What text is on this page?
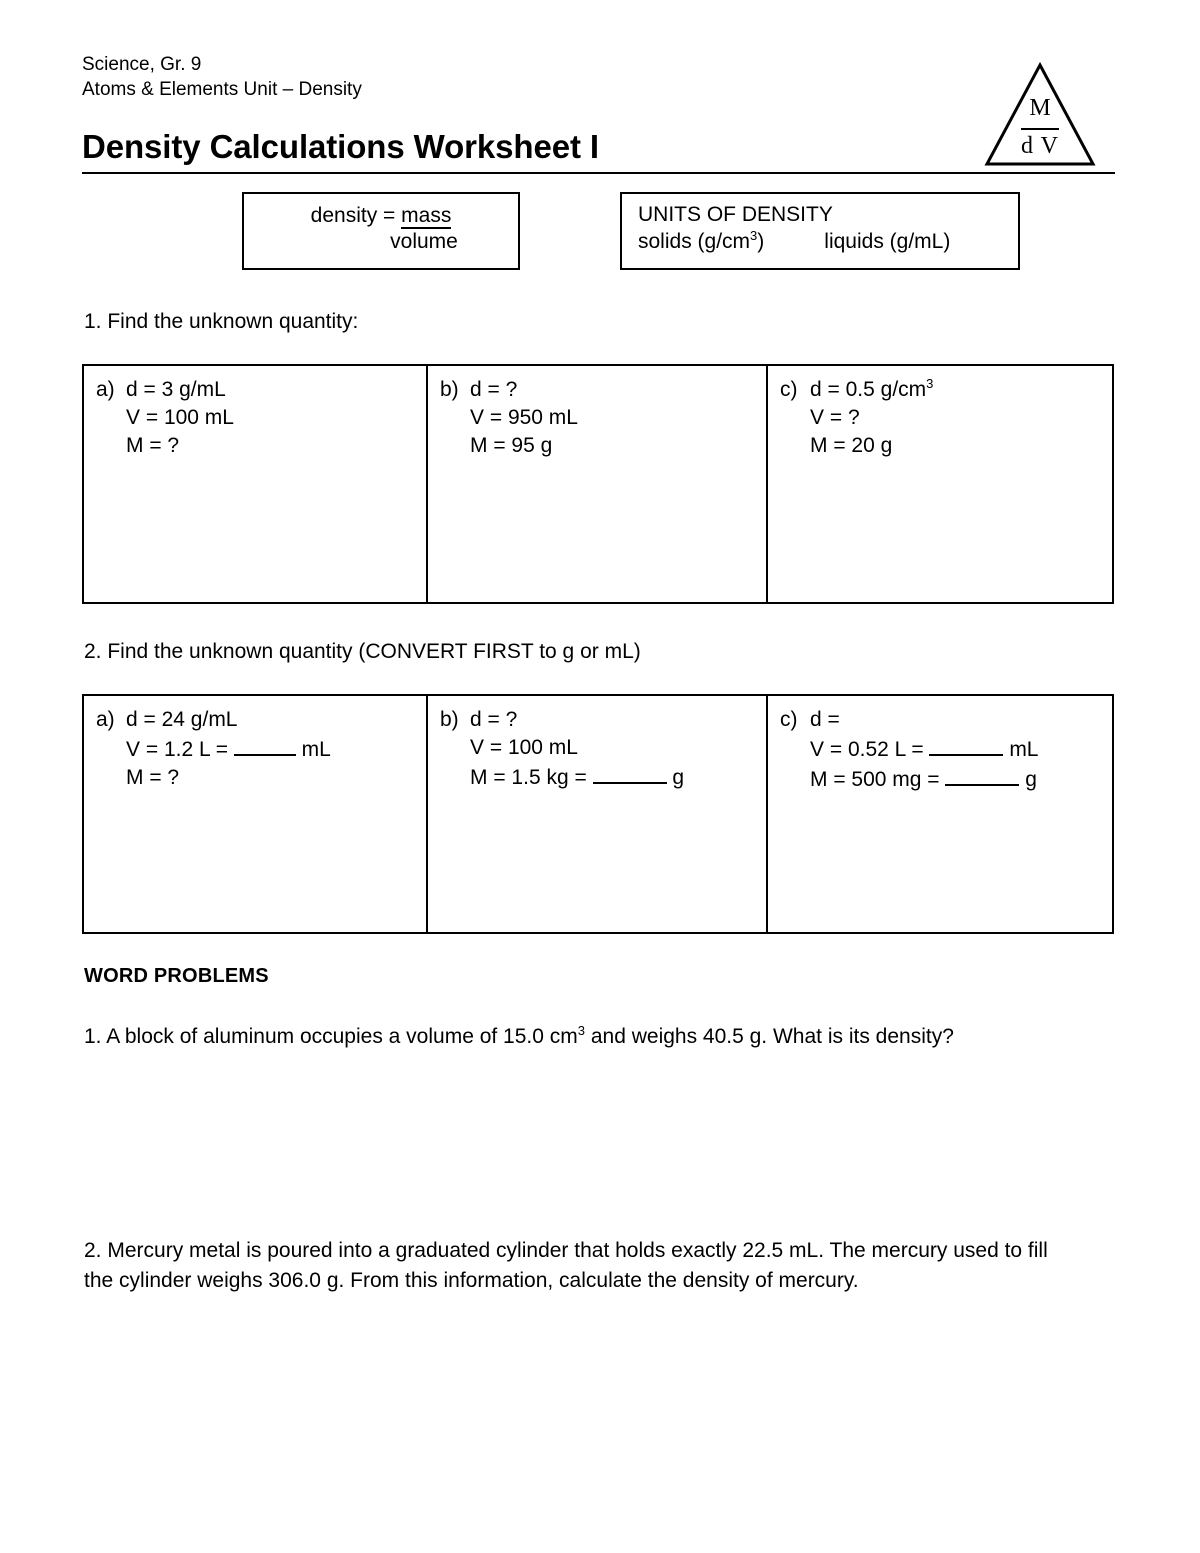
Science, Gr. 9
Atoms & Elements Unit – Density
Density Calculations Worksheet I
M
d V
density = mass
volume
UNITS OF DENSITY
solids $(g/cm^3)$	liquids (g/mL)
1. Find the unknown quantity:
a) d = 3 g/mL
V = 100 mL
M = ?
b) d = ?
V = 950 mL
M = 95 g
c) d = 0.5 $g/cm^3$
V = ?
M = 20 g
2. Find the unknown quantity (CONVERT FIRST to g or mL)
a) d = 24 g/mL
V = 1.2 L =	mL
M = ?
b) d = ?
V = 100 mL
M = 1.5 kg =	g
c) d =
V = 0.52 L =	mL
M = 500 mg =	g
WORD PROBLEMS
1. A block of aluminum occupies a volume of 15.0 $cm^3$ and weighs 40.5 g. What is its density?
2. Mercury metal is poured into a graduated cylinder that holds exactly 22.5 mL. The mercury used to fill the cylinder weighs 306.0 g. From this information, calculate the density of mercury.
